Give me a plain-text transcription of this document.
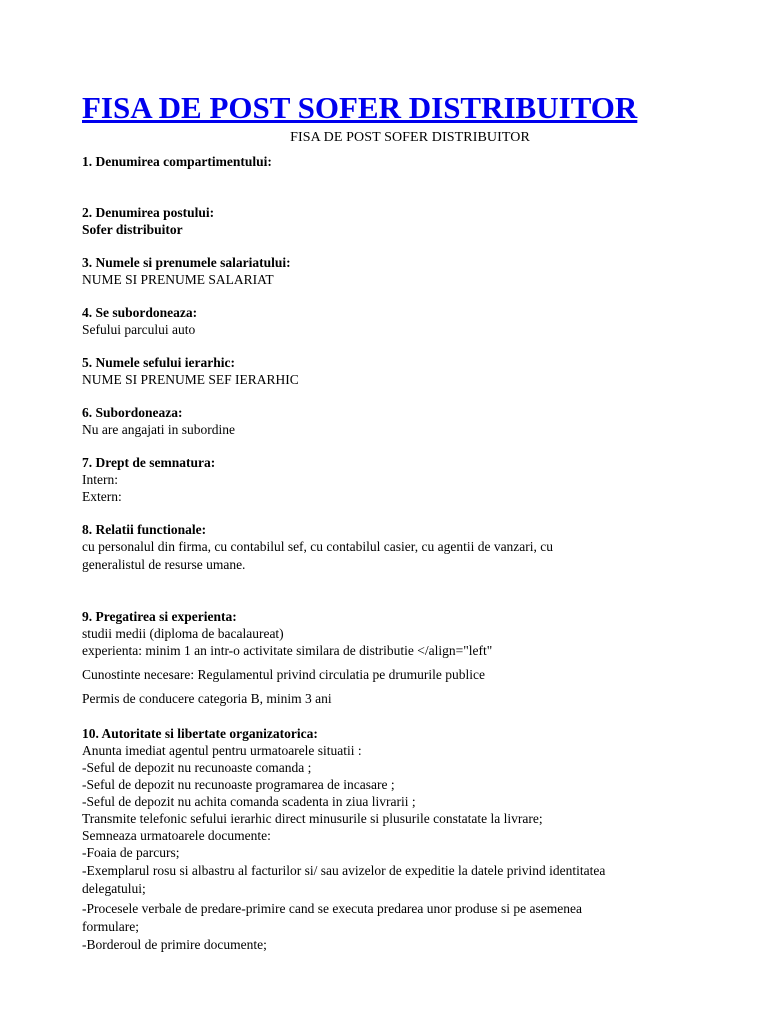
FISA DE POST SOFER DISTRIBUITOR
FISA DE POST SOFER DISTRIBUITOR
1. Denumirea compartimentului:
2. Denumirea postului:
Sofer distribuitor
3. Numele si prenumele salariatului:
NUME SI PRENUME SALARIAT
4. Se subordoneaza:
Sefului parcului auto
5. Numele sefului ierarhic:
NUME SI PRENUME SEF IERARHIC
6. Subordoneaza:
Nu are angajati in subordine
7. Drept de semnatura:
Intern:
Extern:
8. Relatii functionale:
cu personalul din firma, cu contabilul sef, cu contabilul casier, cu agentii de vanzari, cu
generalistul de resurse umane.
9. Pregatirea si experienta:
studii medii (diploma de bacalaureat)
experienta: minim 1 an intr-o activitate similara de distributie </align="left"
Cunostinte necesare: Regulamentul privind circulatia pe drumurile publice
Permis de conducere categoria B, minim 3 ani
10. Autoritate si libertate organizatorica:
Anunta imediat agentul pentru urmatoarele situatii :
-Seful de depozit nu recunoaste comanda ;
-Seful de depozit nu recunoaste programarea de incasare ;
-Seful de depozit nu achita comanda scadenta in ziua livrarii ;
Transmite telefonic sefului ierarhic direct minusurile si plusurile constatate la livrare;
Semneaza urmatoarele documente:
-Foaia de parcurs;
-Exemplarul rosu si albastru al facturilor si/ sau avizelor de expeditie la datele privind identitatea
delegatului;
-Procesele verbale de predare-primire cand se executa predarea unor produse si pe asemenea
formulare;
-Borderoul de primire documente;
